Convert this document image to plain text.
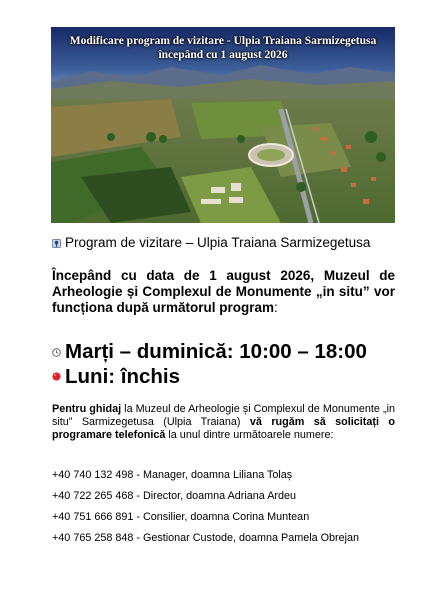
Modificare program de vizitare - Ulpia Traiana Sarmizegetusa
începând cu 1 august 2026
Program de vizitare – Ulpia Traiana Sarmizegetusa
Începând cu data de 1 august 2026, Muzeul de Arheologie și Complexul de Monumente „in situ” vor funcționa după următorul program:
Marți – duminică: 10:00 – 18:00
Luni: închis
Pentru ghidaj la Muzeul de Arheologie și Complexul de Monumente „in situ” Sarmizegetusa (Ulpia Traiana) vă rugăm să solicitați o programare telefonică la unul dintre următoarele numere:
+40 740 132 498 - Manager, doamna Liliana Tolaș
+40 722 265 468 - Director, doamna Adriana Ardeu
+40 751 666 891 - Consilier, doamna Corina Muntean
+40 765 258 848 - Gestionar Custode, doamna Pamela Obrejan
